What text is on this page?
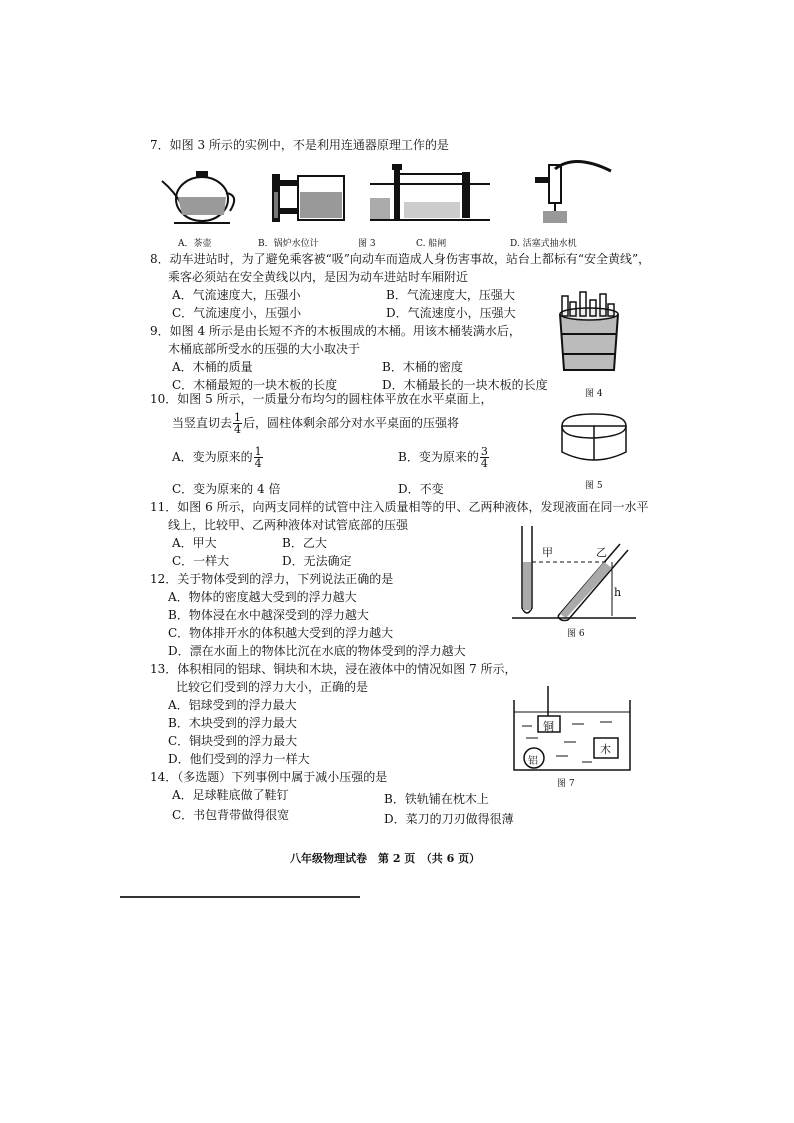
7．如图 3 所示的实例中，不是利用连通器原理工作的是
A．茶壶	B．锅炉水位计	图 3	C. 船闸	D. 活塞式抽水机
8．动车进站时，为了避免乘客被“吸”向动车而造成人身伤害事故，站台上都标有“安全黄线”，
乘客必须站在安全黄线以内，是因为动车进站时车厢附近
A．气流速度大，压强小	B．气流速度大，压强大
C．气流速度小，压强小	D．气流速度小，压强大
9．如图 4 所示是由长短不齐的木板围成的木桶。用该木桶装满水后，
木桶底部所受水的压强的大小取决于
A．木桶的质量	B．木桶的密度
C．木桶最短的一块木板的长度	D．木桶最长的一块木板的长度
图 4
10．如图 5 所示，一质量分布均匀的圆柱体平放在水平桌面上，
当竖直切去 $\frac{1}{4}$ 后，圆柱体剩余部分对水平桌面的压强将
A．变为原来的 $\frac{1}{4}$	B．变为原来的 $\frac{3}{4}$
C．变为原来的 4 倍	D．不变	图 5
11．如图 6 所示，向两支同样的试管中注入质量相等的甲、乙两种液体，发现液面在同一水平
线上，比较甲、乙两种液体对试管底部的压强
A．甲大	B．乙大
C．一样大	D．无法确定
甲	乙
h
图 6
12．关于物体受到的浮力，下列说法正确的是
A．物体的密度越大受到的浮力越大
B．物体浸在水中越深受到的浮力越大
C．物体排开水的体积越大受到的浮力越大
D．漂在水面上的物体比沉在水底的物体受到的浮力越大
13．体积相同的铝球、铜块和木块，浸在液体中的情况如图 7 所示，
比较它们受到的浮力大小，正确的是
A．铝球受到的浮力最大
B．木块受到的浮力最大
C．铜块受到的浮力最大
D．他们受到的浮力一样大
铜
木
铝
图 7
14．（多选题）下列事例中属于减小压强的是
A．足球鞋底做了鞋钉	B．铁轨铺在枕木上
C．书包背带做得很宽	D．菜刀的刀刃做得很薄
八年级物理试卷　第 2 页　（共 6 页）
